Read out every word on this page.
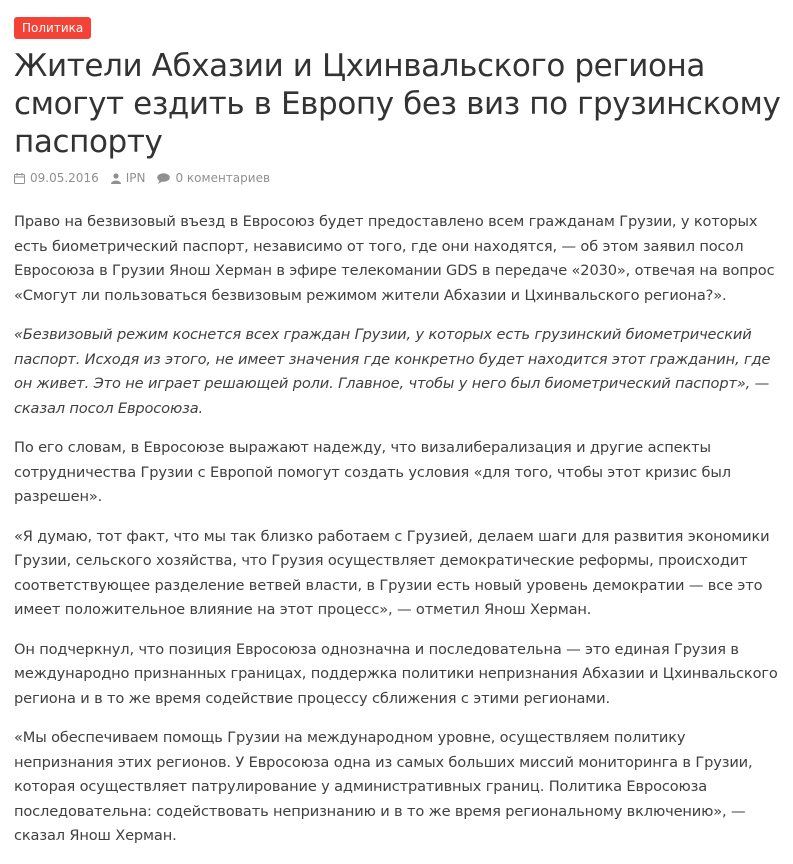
Политика
Жители Абхазии и Цхинвальского региона смогут ездить в Европу без виз по грузинскому паспорту
09.05.2016 IPN	0 коментариев

Право на безвизовый въезд в Евросоюз будет предоставлено всем гражданам Грузии, у которых есть биометрический паспорт, независимо от того, где они находятся, — об этом заявил посол Евросоюза в Грузии Янош Херман в эфире телекомании GDS в передаче «2030», отвечая на вопрос «Смогут ли пользоваться безвизовым режимом жители Абхазии и Цхинвальского региона?».

«Безвизовый режим коснется всех граждан Грузии, у которых есть грузинский биометрический паспорт. Исходя из этого, не имеет значения где конкретно будет находится этот гражданин, где он живет. Это не играет решающей роли. Главное, чтобы у него был биометрический паспорт», — сказал посол Евросоюза.

По его словам, в Евросоюзе выражают надежду, что визалиберализация и другие аспекты сотрудничества Грузии с Европой помогут создать условия «для того, чтобы этот кризис был разрешен».

«Я думаю, тот факт, что мы так близко работаем с Грузией, делаем шаги для развития экономики Грузии, сельского хозяйства, что Грузия осуществляет демократические реформы, происходит соответствующее разделение ветвей власти, в Грузии есть новый уровень демократии — все это имеет положительное влияние на этот процесс», — отметил Янош Херман.

Он подчеркнул, что позиция Евросоюза однозначна и последовательна — это единая Грузия в международно признанных границах, поддержка политики непризнания Абхазии и Цхинвальского региона и в то же время содействие процессу сближения с этими регионами.

«Мы обеспечиваем помощь Грузии на международном уровне, осуществляем политику непризнания этих регионов. У Евросоюза одна из самых больших миссий мониторинга в Грузии, которая осуществляет патрулирование у административных границ. Политика Евросоюза последовательна: содействовать непризнанию и в то же время региональному включению», — сказал Янош Херман.
